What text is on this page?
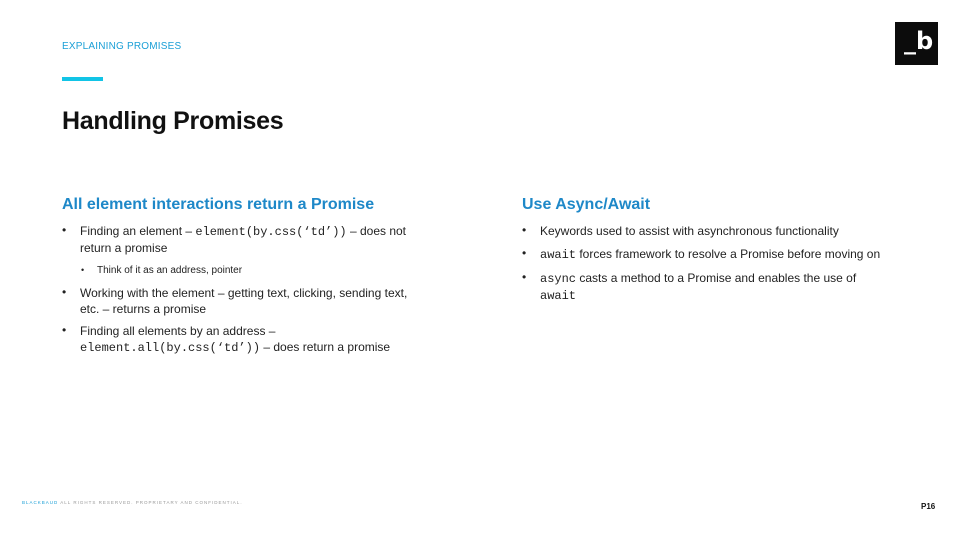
EXPLAINING PROMISES
Handling Promises
_b
All element interactions return a Promise
• Finding an element – element(by.css(‘td’)) – does not
return a promise
• Think of it as an address, pointer
• Working with the element – getting text, clicking, sending text,
etc. – returns a promise
• Finding all elements by an address –
element.all(by.css(‘td’)) – does return a promise
Use Async/Await
• Keywords used to assist with asynchronous functionality
• await forces framework to resolve a Promise before moving on
• async casts a method to a Promise and enables the use of
await
BLACKBAUD ALL RIGHTS RESERVED. PROPRIETARY AND CONFIDENTIAL.	P16
